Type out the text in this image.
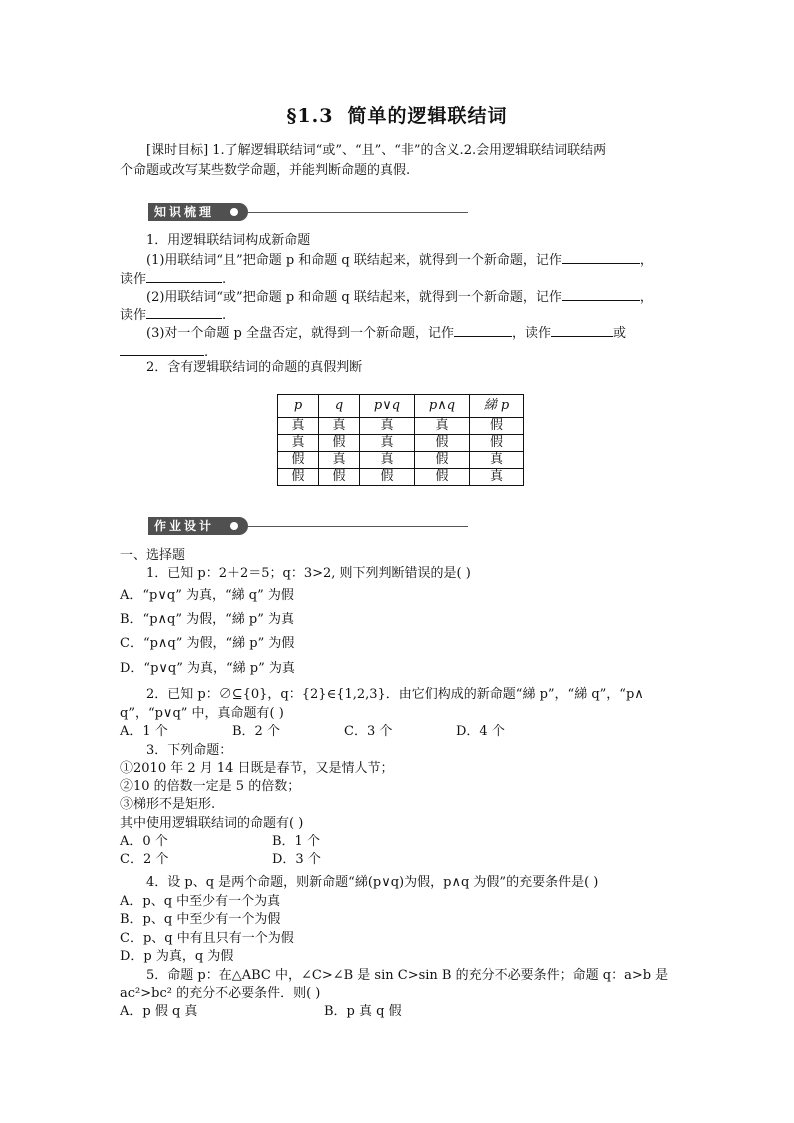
§1.3 简单的逻辑联结词
[课时目标] 1.了解逻辑联结词“或”、“且”、“非”的含义.2.会用逻辑联结词联结两
个命题或改写某些数学命题，并能判断命题的真假.
知识梳理
1．用逻辑联结词构成新命题
(1)用联结词“且”把命题 p 和命题 q 联结起来，就得到一个新命题，记作	，
读作	.
(2)用联结词“或”把命题 p 和命题 q 联结起来，就得到一个新命题，记作	，
读作	.
(3)对一个命题 p 全盘否定，就得到一个新命题，记作	，读作	或
.
2．含有逻辑联结词的命题的真假判断
p	q	p∨q	p∧q	綈 p
真	真	真	真	假
真	假	真	假	假
假	真	真	假	真
假	假	假	假	真
作业设计
一、选择题
1．已知 p：2＋2＝5；q：3>2, 则下列判断错误的是( )
A．“p∨q” 为真，“綈 q” 为假
B．“p∧q” 为假，“綈 p” 为真
C．“p∧q” 为假，“綈 p” 为假
D．“p∨q” 为真，“綈 p” 为真
2．已知 p：∅⊆{0}，q：{2}∈{1,2,3}．由它们构成的新命题“綈 p”，“綈 q”，“p∧
q”，“p∨q” 中，真命题有( )
A．1 个	B．2 个	C．3 个	D．4 个
3．下列命题：
①2010 年 2 月 14 日既是春节，又是情人节；
②10 的倍数一定是 5 的倍数；
③梯形不是矩形.
其中使用逻辑联结词的命题有( )
A．0 个	B．1 个
C．2 个	D．3 个
4．设 p、q 是两个命题，则新命题“綈(p∨q)为假，p∧q 为假”的充要条件是( )
A．p、q 中至少有一个为真
B．p、q 中至少有一个为假
C．p、q 中有且只有一个为假
D．p 为真，q 为假
5．命题 p：在△ABC 中，∠C>∠B 是 sin C>sin B 的充分不必要条件；命题 q：a>b 是
ac²>bc² 的充分不必要条件．则( )
A．p 假 q 真	B．p 真 q 假
